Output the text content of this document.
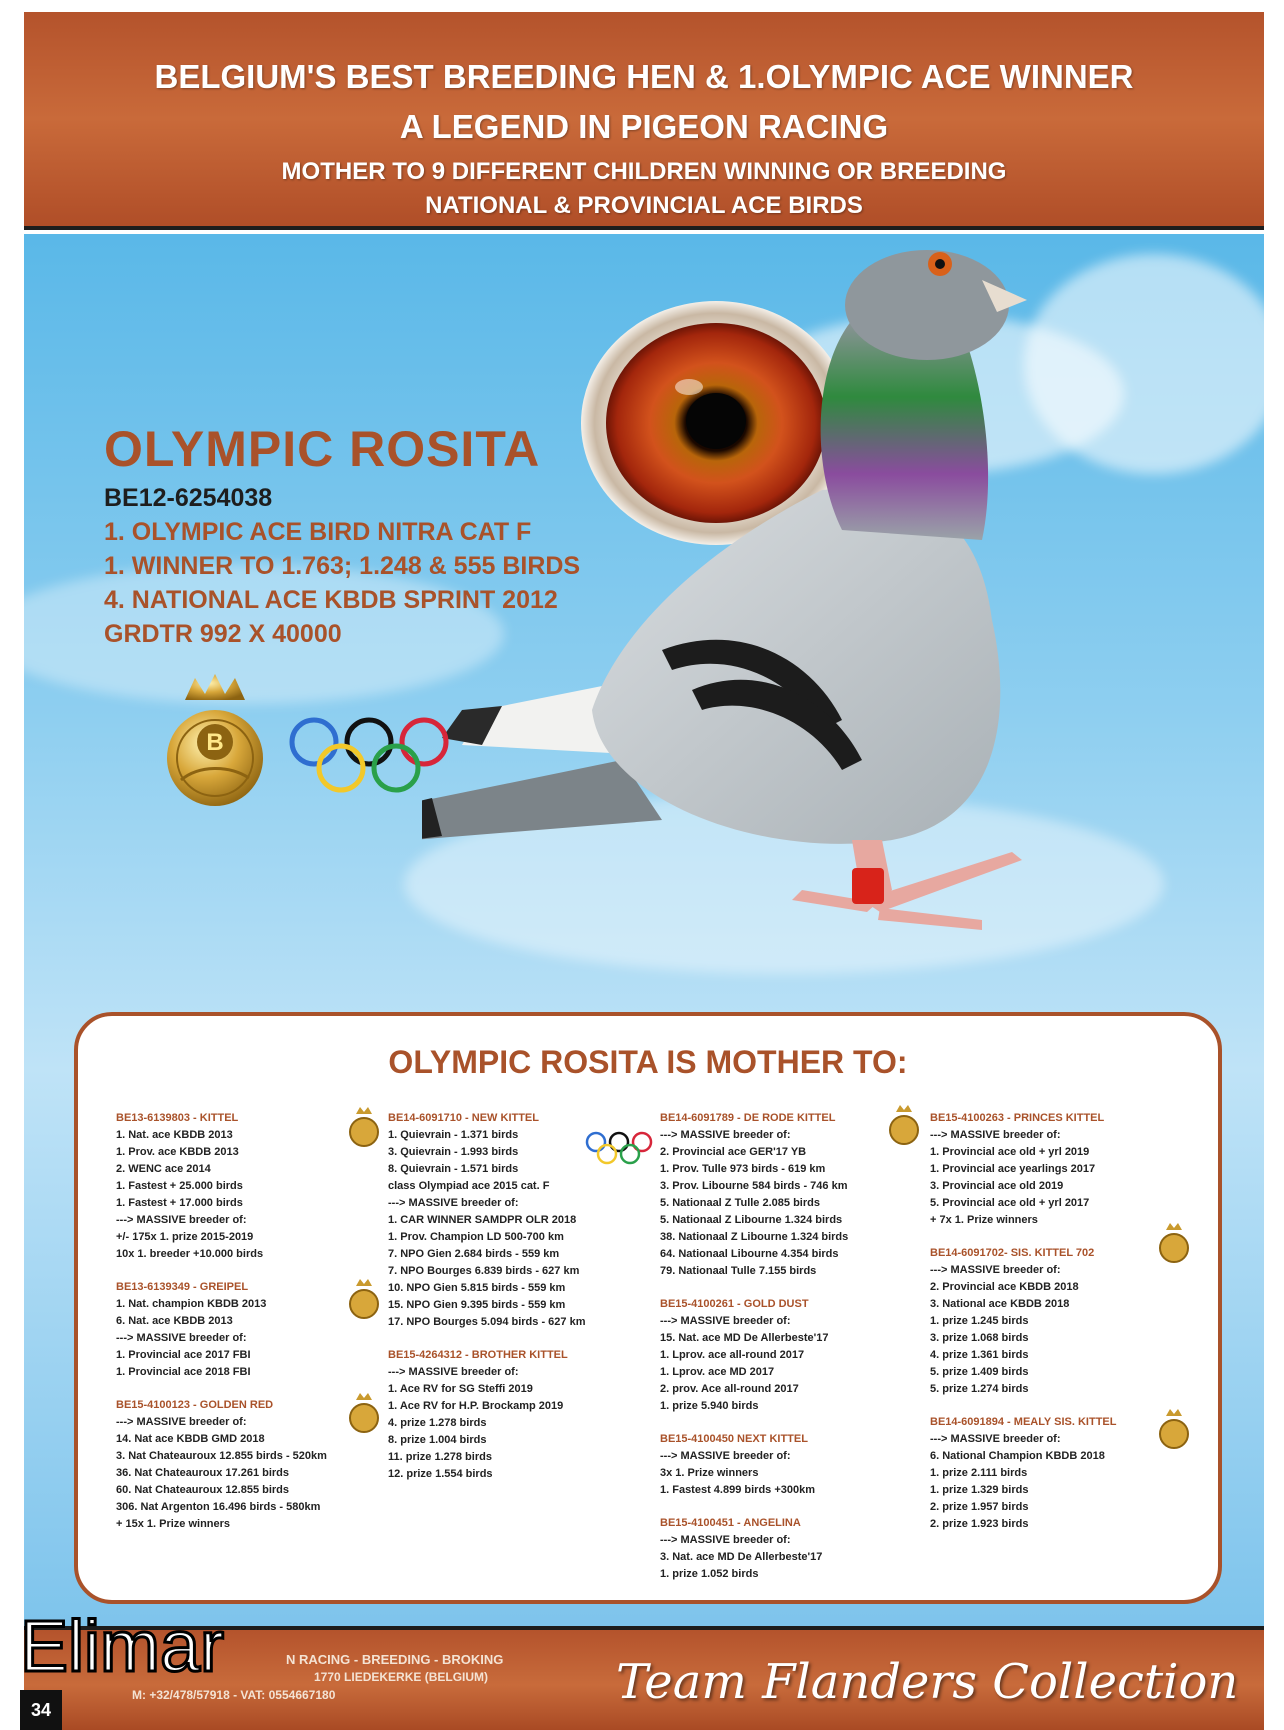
BELGIUM'S BEST BREEDING HEN & 1.OLYMPIC ACE WINNER
A LEGEND IN PIGEON RACING
MOTHER TO 9 DIFFERENT CHILDREN WINNING OR BREEDING
NATIONAL & PROVINCIAL ACE BIRDS
OLYMPIC ROSITA
BE12-6254038
1. OLYMPIC ACE BIRD NITRA CAT F
1. WINNER TO 1.763; 1.248 & 555 BIRDS
4. NATIONAL ACE KBDB SPRINT 2012
GRDTR 992 X 40000
B
OLYMPIC ROSITA IS MOTHER TO:
BE13-6139803 - KITTEL
1. Nat. ace KBDB 2013
1. Prov. ace KBDB 2013
2. WENC ace 2014
1. Fastest + 25.000 birds
1. Fastest + 17.000 birds
---> MASSIVE breeder of:
+/- 175x 1. prize 2015-2019
10x 1. breeder +10.000 birds
BE13-6139349 - GREIPEL
1. Nat. champion KBDB 2013
6. Nat. ace KBDB 2013
---> MASSIVE breeder of:
1. Provincial ace 2017 FBI
1. Provincial ace 2018 FBI
BE15-4100123 - GOLDEN RED
---> MASSIVE breeder of:
14. Nat ace KBDB GMD 2018
3. Nat Chateauroux 12.855 birds - 520km
36. Nat Chateauroux 17.261 birds
60. Nat Chateauroux 12.855 birds
306. Nat Argenton 16.496 birds - 580km
+ 15x 1. Prize winners
BE14-6091710 - NEW KITTEL
1. Quievrain - 1.371 birds
3. Quievrain - 1.993 birds
8. Quievrain - 1.571 birds
class Olympiad ace 2015 cat. F
---> MASSIVE breeder of:
1. CAR WINNER SAMDPR OLR 2018
1. Prov. Champion LD 500-700 km
7. NPO Gien 2.684 birds - 559 km
7. NPO Bourges 6.839 birds - 627 km
10. NPO Gien 5.815 birds - 559 km
15. NPO Gien 9.395 birds - 559 km
17. NPO Bourges 5.094 birds - 627 km
BE15-4264312 - BROTHER KITTEL
---> MASSIVE breeder of:
1. Ace RV for SG Steffi 2019
1. Ace RV for H.P. Brockamp 2019
4. prize 1.278 birds
8. prize 1.004 birds
11. prize 1.278 birds
12. prize 1.554 birds
BE14-6091789 - DE RODE KITTEL
---> MASSIVE breeder of:
2. Provincial ace GER'17 YB
1. Prov. Tulle 973 birds - 619 km
3. Prov. Libourne 584 birds - 746 km
5. Nationaal Z Tulle 2.085 birds
5. Nationaal Z Libourne 1.324 birds
38. Nationaal Z Libourne 1.324 birds
64. Nationaal Libourne 4.354 birds
79. Nationaal Tulle 7.155 birds
BE15-4100261 - GOLD DUST
---> MASSIVE breeder of:
15. Nat. ace MD De Allerbeste'17
1. Lprov. ace all-round 2017
1. Lprov. ace MD 2017
2. prov. Ace all-round 2017
1. prize 5.940 birds
BE15-4100450 NEXT KITTEL
---> MASSIVE breeder of:
3x 1. Prize winners
1. Fastest 4.899 birds +300km
BE15-4100451 - ANGELINA
---> MASSIVE breeder of:
3. Nat. ace MD De Allerbeste'17
1. prize 1.052 birds
BE15-4100263 - PRINCES KITTEL
---> MASSIVE breeder of:
1. Provincial ace old + yrl 2019
1. Provincial ace yearlings 2017
3. Provincial ace old 2019
5. Provincial ace old + yrl 2017
+ 7x 1. Prize winners
BE14-6091702- SIS. KITTEL 702
---> MASSIVE breeder of:
2. Provincial ace KBDB 2018
3. National ace KBDB 2018
1. prize 1.245 birds
3. prize 1.068 birds
4. prize 1.361 birds
5. prize 1.409 birds
5. prize 1.274 birds
BE14-6091894 - MEALY SIS. KITTEL
---> MASSIVE breeder of:
6. National Champion KBDB 2018
1. prize 2.111 birds
1. prize 1.329 birds
2. prize 1.957 birds
2. prize 1.923 birds
N RACING - BREEDING - BROKING
1770 LIEDEKERKE (BELGIUM)
M: +32/478/57918 - VAT: 0554667180	Team Flanders Collection
Elimar
34
